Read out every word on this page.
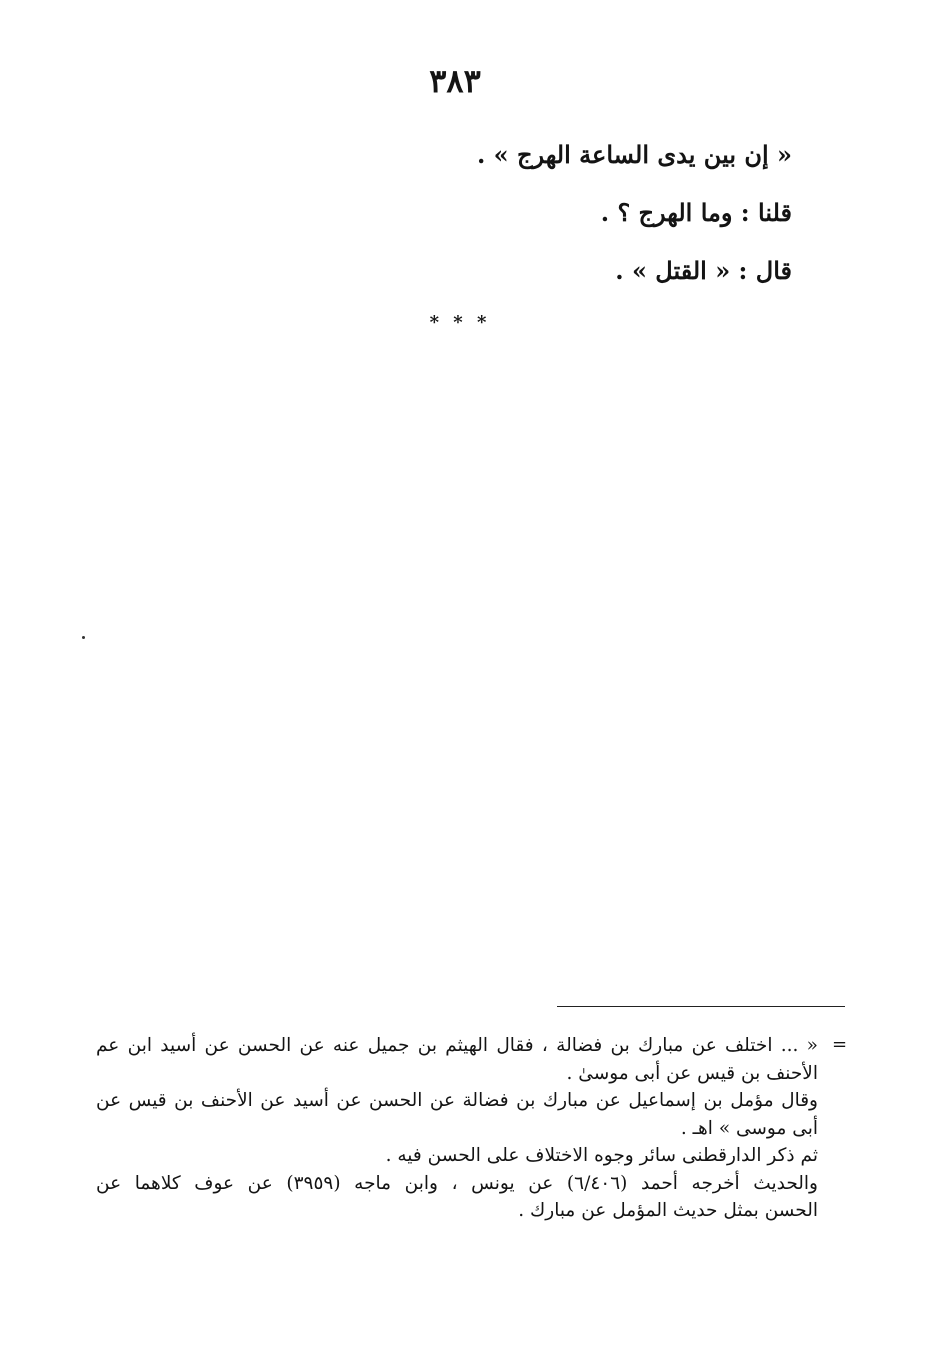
٣٨٣
« إن بين يدى الساعة الهرج » .
قلنا : وما الهرج ؟ .
قال : « القتل » .
* * *
=
« ... اختلف عن مبارك بن فضالة ، فقال الهيثم بن جميل عنه عن الحسن عن أسيد ابن عم
الأحنف بن قيس عن أبى موسىٰ .
وقال مؤمل بن إسماعيل عن مبارك بن فضالة عن الحسن عن أسيد عن الأحنف بن قيس عن
أبى موسى » اهـ .
ثم ذكر الدارقطنى سائر وجوه الاختلاف على الحسن فيه .
والحديث أخرجه أحمد (٦/٤٠٦) عن يونس ، وابن ماجه (٣٩٥٩) عن عوف كلاهما عن
الحسن بمثل حديث المؤمل عن مبارك .
